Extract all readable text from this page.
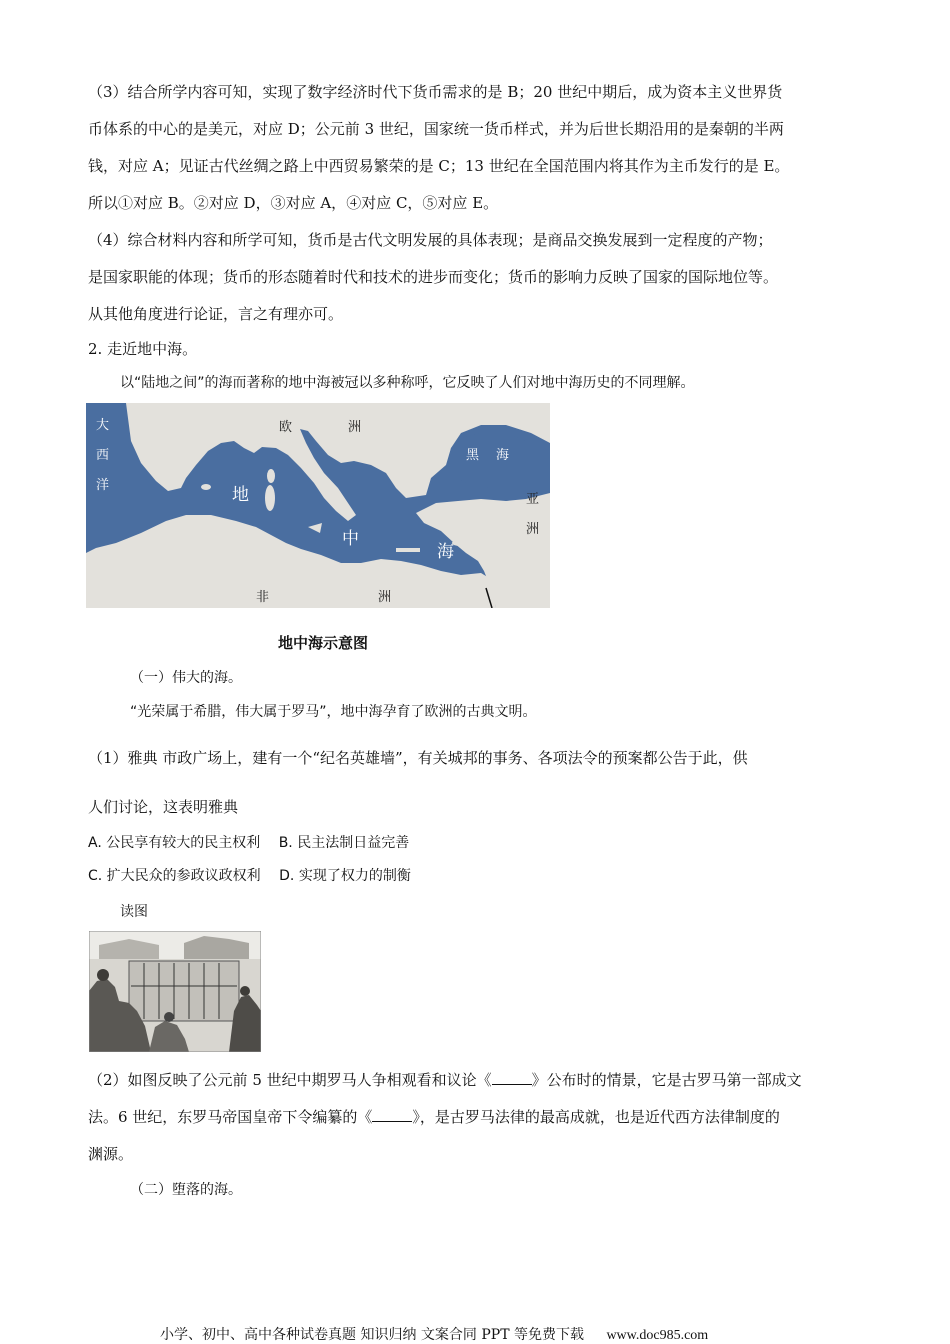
（3）结合所学内容可知，实现了数字经济时代下货币需求的是 B；20 世纪中期后，成为资本主义世界货
币体系的中心的是美元，对应 D；公元前 3 世纪，国家统一货币样式，并为后世长期沿用的是秦朝的半两
钱，对应 A；见证古代丝绸之路上中西贸易繁荣的是 C；13 世纪在全国范围内将其作为主币发行的是 E。
所以①对应 B。②对应 D，③对应 A，④对应 C，⑤对应 E。
（4）综合材料内容和所学可知，货币是古代文明发展的具体表现；是商品交换发展到一定程度的产物；
是国家职能的体现；货币的形态随着时代和技术的进步而变化；货币的影响力反映了国家的国际地位等。
从其他角度进行论证，言之有理亦可。
2. 走近地中海。
以“陆地之间”的海而著称的地中海被冠以多种称呼，它反映了人们对地中海历史的不同理解。
大
西
洋
欧	洲
黑 海
亚
洲
非	洲
地
中
海
地中海示意图
（一）伟大的海。
“光荣属于希腊，伟大属于罗马”，地中海孕育了欧洲的古典文明。
（1）雅典 市政广场上，建有一个“纪名英雄墙”，有关城邦的事务、各项法令的预案都公告于此，供
人们讨论，这表明雅典
A. 公民享有较大的民主权利 B. 民主法制日益完善
C. 扩大民众的参政议政权利 D. 实现了权力的制衡
读图
（2）如图反映了公元前 5 世纪中期罗马人争相观看和议论《	》公布时的情景，它是古罗马第一部成文
法。6 世纪，东罗马帝国皇帝下令编纂的《	》，是古罗马法律的最高成就，也是近代西方法律制度的
渊源。
（二）堕落的海。
小学、初中、高中各种试卷真题 知识归纳 文案合同 PPT 等免费下载 www.doc985.com
